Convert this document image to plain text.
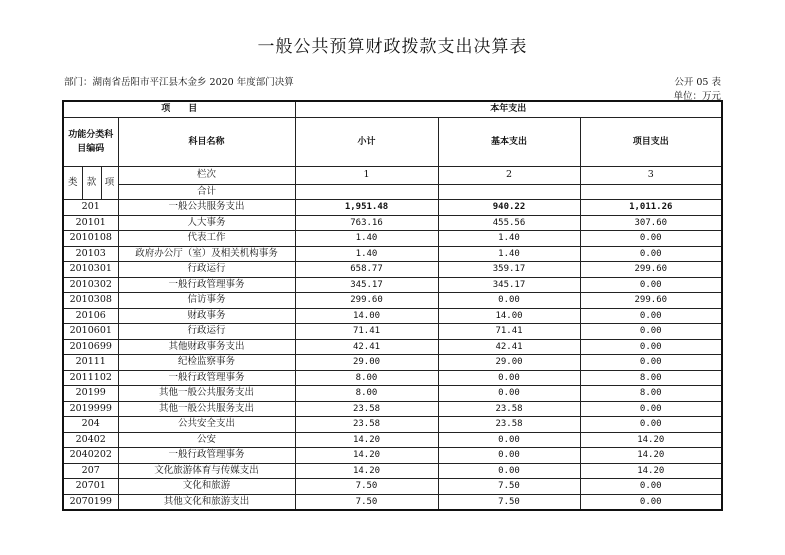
一般公共预算财政拨款支出决算表
部门：湖南省岳阳市平江县木金乡 2020 年度部门决算	公开 05 表
单位：万元
项　　目				本年支出		
功能分类科目编码			科目名称	小计	基本支出	项目支出
类	款	项	栏次	1	2	3
			合计			
201			一般公共服务支出	1,951.48	940.22	1,011.26
20101			人大事务	763.16	455.56	307.60
2010108			代表工作	1.40	1.40	0.00
20103			政府办公厅（室）及相关机构事务	1.40	1.40	0.00
2010301			行政运行	658.77	359.17	299.60
2010302			一般行政管理事务	345.17	345.17	0.00
2010308			信访事务	299.60	0.00	299.60
20106			财政事务	14.00	14.00	0.00
2010601			行政运行	71.41	71.41	0.00
2010699			其他财政事务支出	42.41	42.41	0.00
20111			纪检监察事务	29.00	29.00	0.00
2011102			一般行政管理事务	8.00	0.00	8.00
20199			其他一般公共服务支出	8.00	0.00	8.00
2019999			其他一般公共服务支出	23.58	23.58	0.00
204			公共安全支出	23.58	23.58	0.00
20402			公安	14.20	0.00	14.20
2040202			一般行政管理事务	14.20	0.00	14.20
207			文化旅游体育与传媒支出	14.20	0.00	14.20
20701			文化和旅游	7.50	7.50	0.00
2070199			其他文化和旅游支出	7.50	7.50	0.00
